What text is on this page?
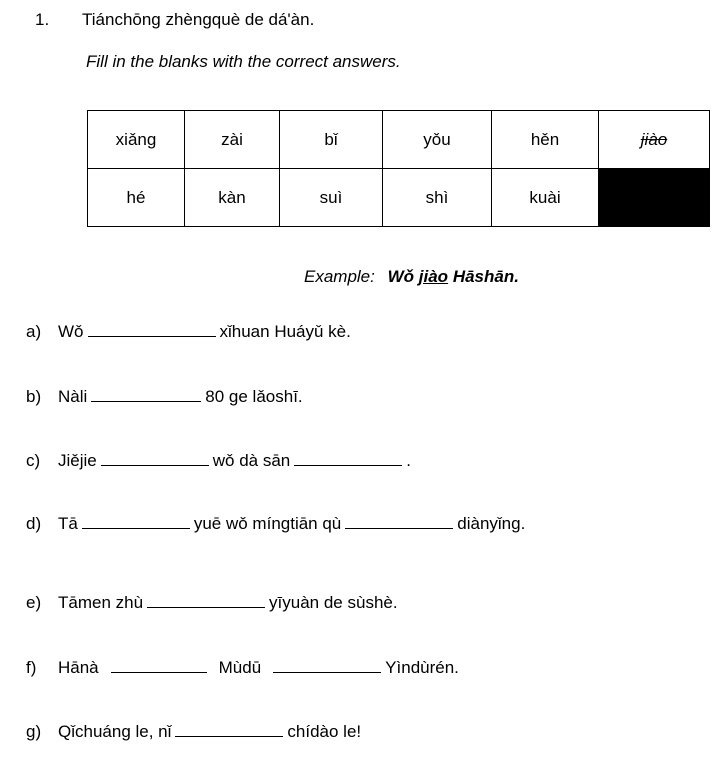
1. Tiánchōng zhèngquè de dá'àn.
Fill in the blanks with the correct answers.
xiǎng	zài	bǐ	yǒu	hěn	jiào
hé	kàn	suì	shì	kuài	
Example: Wǒ jiào Hāshān.
a) Wǒ	xǐhuan Huáyǔ kè.
b) Nàli	80 ge lǎoshī.
c) Jiějie	wǒ dà sān	.
d) Tā	yuē wǒ míngtiān qù	diànyǐng.
e) Tāmen zhù	yīyuàn de sùshè.
f) Hānà	Mùdū	Yìndùrén.
g) Qǐchuáng le, nǐ	chídào le!
